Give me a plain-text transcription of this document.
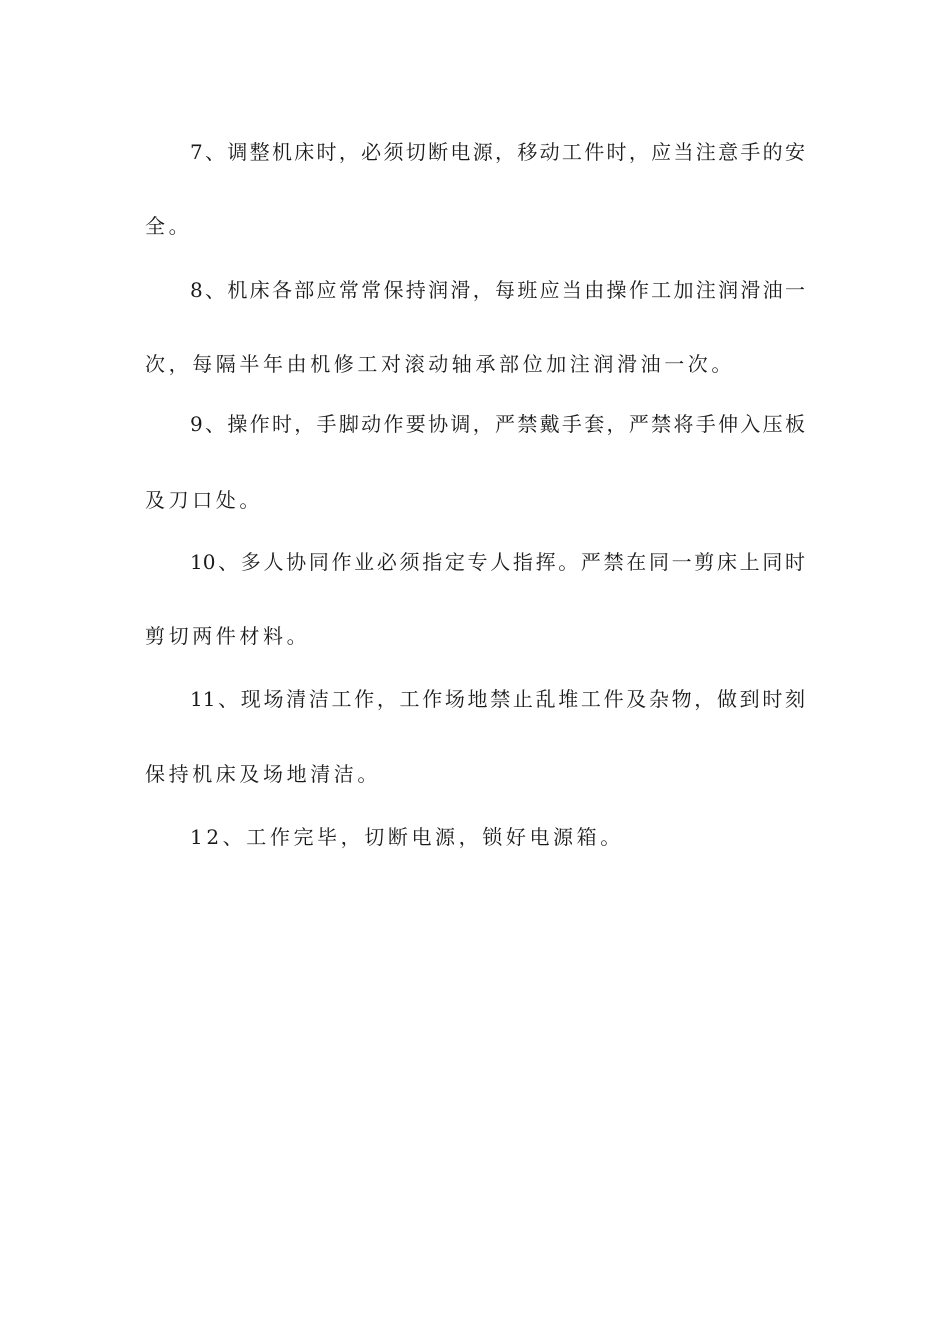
7、调整机床时，必须切断电源，移动工件时，应当注意手的安

全。

8、机床各部应常常保持润滑，每班应当由操作工加注润滑油一

次，每隔半年由机修工对滚动轴承部位加注润滑油一次。

9、操作时，手脚动作要协调，严禁戴手套，严禁将手伸入压板

及刀口处。

10、多人协同作业必须指定专人指挥。严禁在同一剪床上同时

剪切两件材料。

11、现场清洁工作，工作场地禁止乱堆工件及杂物，做到时刻

保持机床及场地清洁。

12、工作完毕，切断电源，锁好电源箱。
